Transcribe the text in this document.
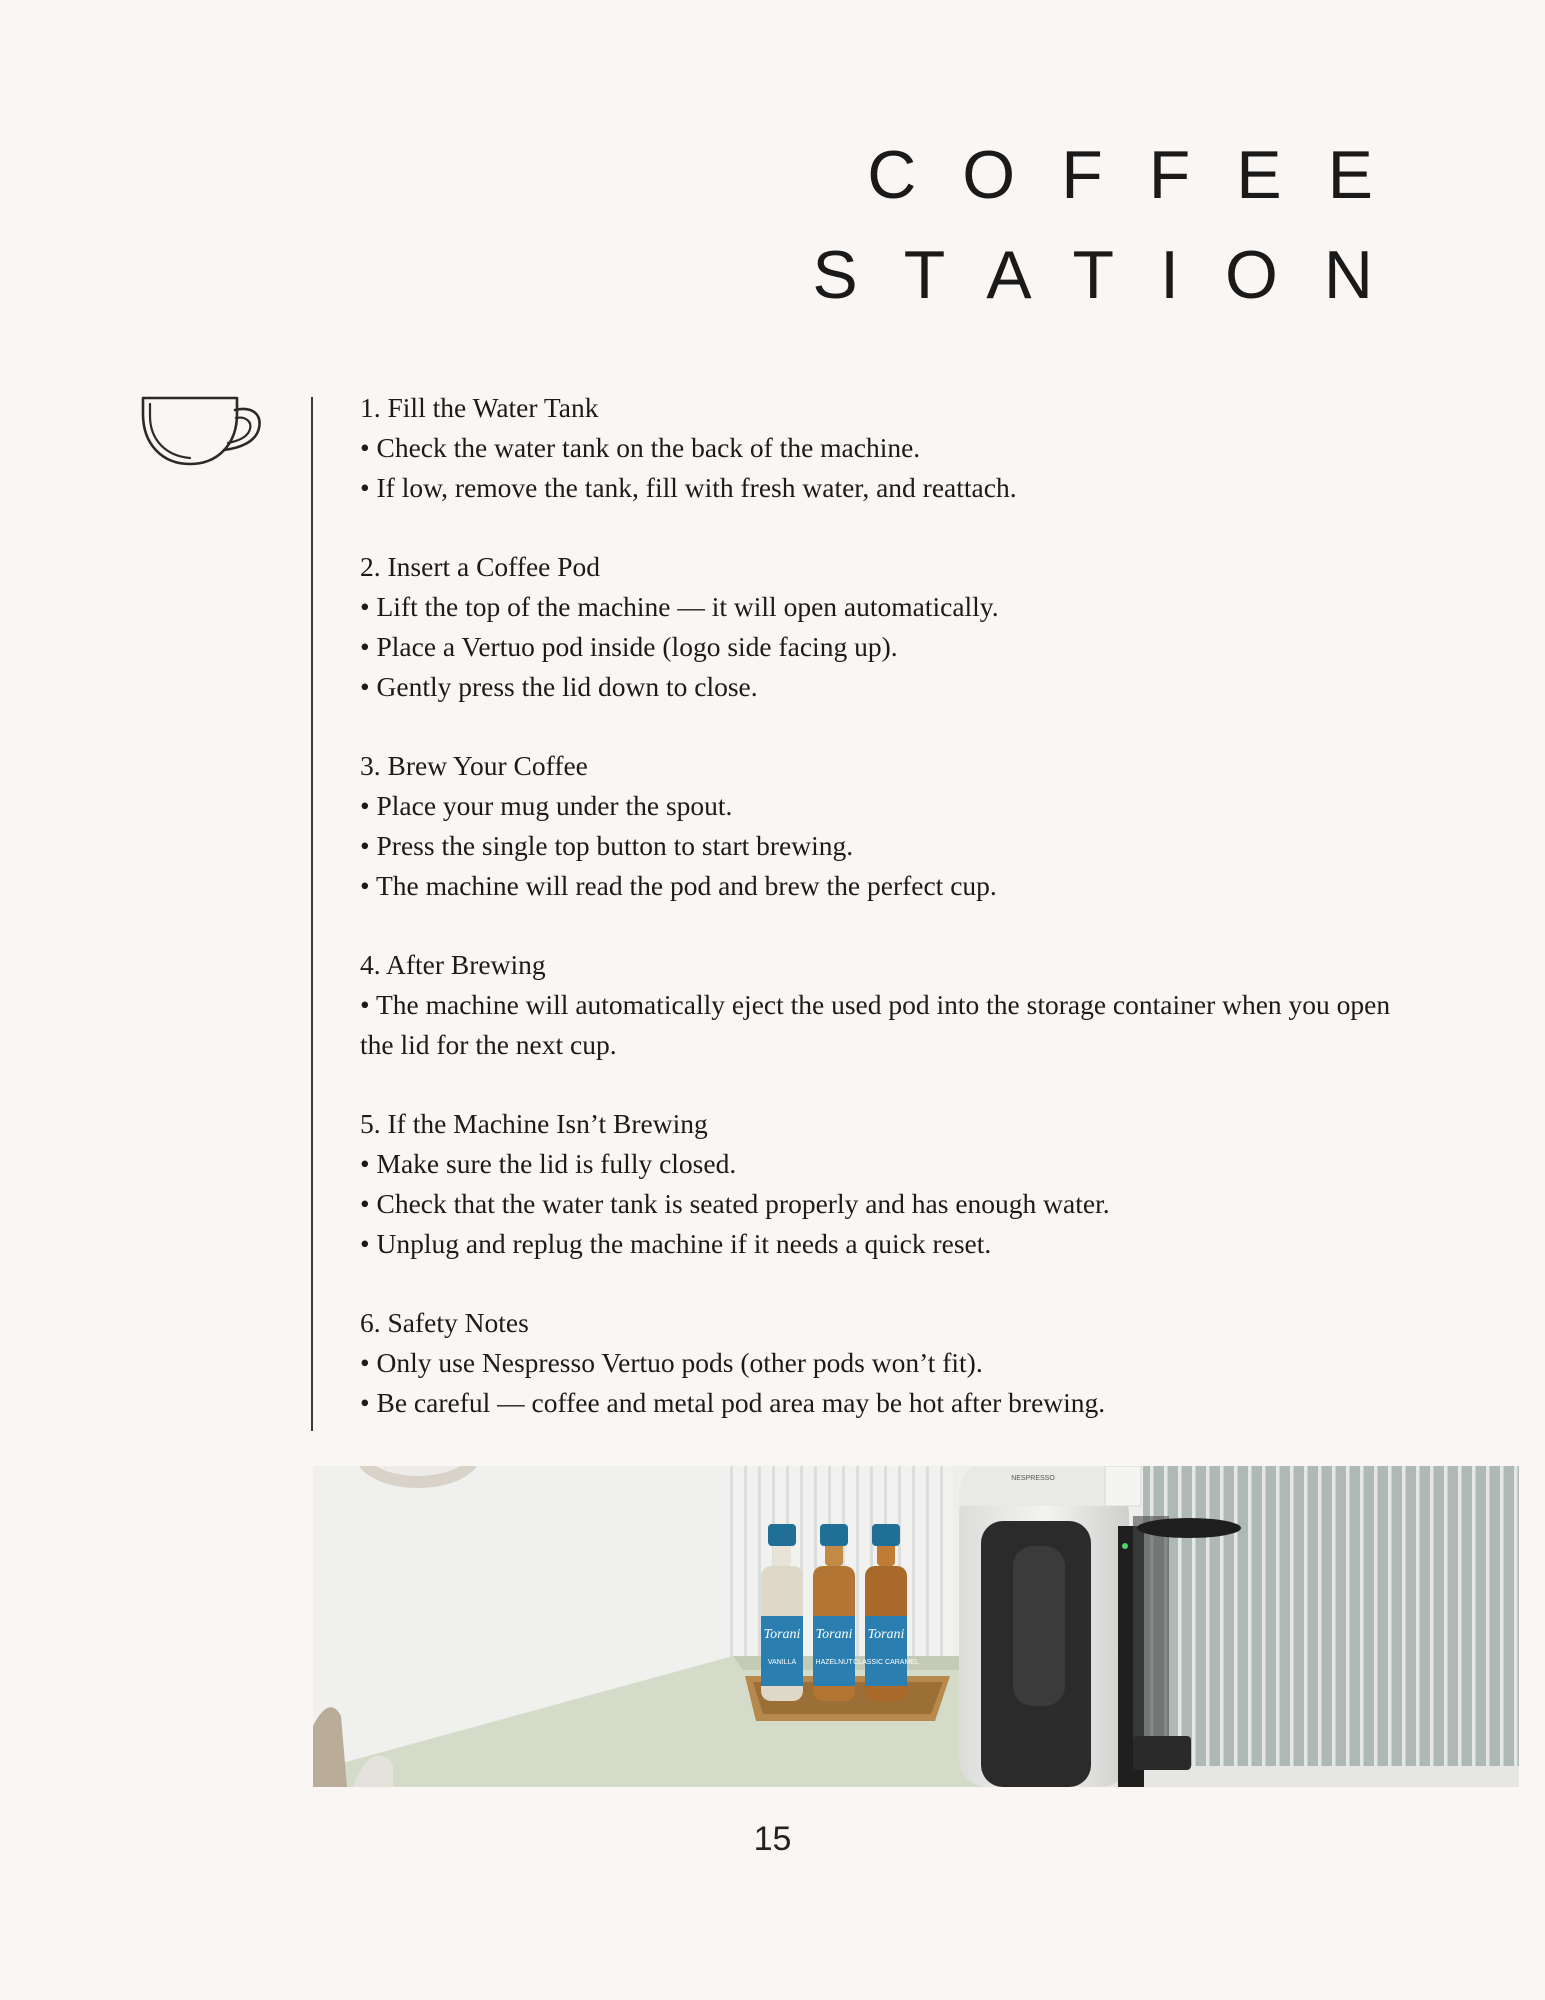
COFFEE
STATION

1. Fill the Water Tank

• Check the water tank on the back of the machine.

• If low, remove the tank, fill with fresh water, and reattach.

2. Insert a Coffee Pod

• Lift the top of the machine — it will open automatically.

• Place a Vertuo pod inside (logo side facing up).

• Gently press the lid down to close.

3. Brew Your Coffee

• Place your mug under the spout.

• Press the single top button to start brewing.

• The machine will read the pod and brew the perfect cup.

4. After Brewing

• The machine will automatically eject the used pod into the storage container when you open the lid for the next cup.

5. If the Machine Isn’t Brewing

• Make sure the lid is fully closed.

• Check that the water tank is seated properly and has enough water.

• Unplug and replug the machine if it needs a quick reset.

6. Safety Notes

• Only use Nespresso Vertuo pods (other pods won’t fit).

• Be careful — coffee and metal pod area may be hot after brewing.

Torani Torani Torani
VANILLA	HAZELNUT CLASSIC CARAMEL
NESPRESSO
15
